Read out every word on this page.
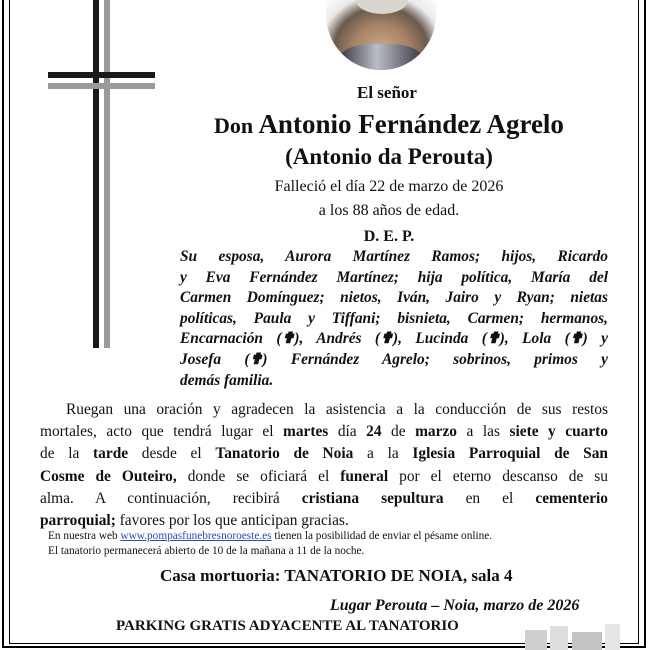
El señor
Don Antonio Fernández Agrelo
(Antonio da Perouta)
Falleció el día 22 de marzo de 2026
a los 88 años de edad.
D. E. P.
Su esposa, Aurora Martínez Ramos; hijos, Ricardo
y Eva Fernández Martínez; hija política, María del
Carmen Domínguez; nietos, Iván, Jairo y Ryan; nietas
políticas, Paula y Tiffani; bisnieta, Carmen; hermanos,
Encarnación (✟), Andrés (✟), Lucinda (✟), Lola (✟) y
Josefa (✟) Fernández Agrelo; sobrinos, primos y
demás familia.
Ruegan una oración y agradecen la asistencia a la conducción de sus restos
mortales, acto que tendrá lugar el martes día 24 de marzo a las siete y cuarto
de la tarde desde el Tanatorio de Noia a la Iglesia Parroquial de San
Cosme de Outeiro, donde se oficiará el funeral por el eterno descanso de su
alma. A continuación, recibirá cristiana sepultura en el cementerio
parroquial; favores por los que anticipan gracias.
En nuestra web www.pompasfunebresnoroeste.es tienen la posibilidad de enviar el pésame online.
El tanatorio permanecerá abierto de 10 de la mañana a 11 de la noche.
Casa mortuoria: TANATORIO DE NOIA, sala 4
Lugar Perouta – Noia, marzo de 2026
PARKING GRATIS ADYACENTE AL TANATORIO
